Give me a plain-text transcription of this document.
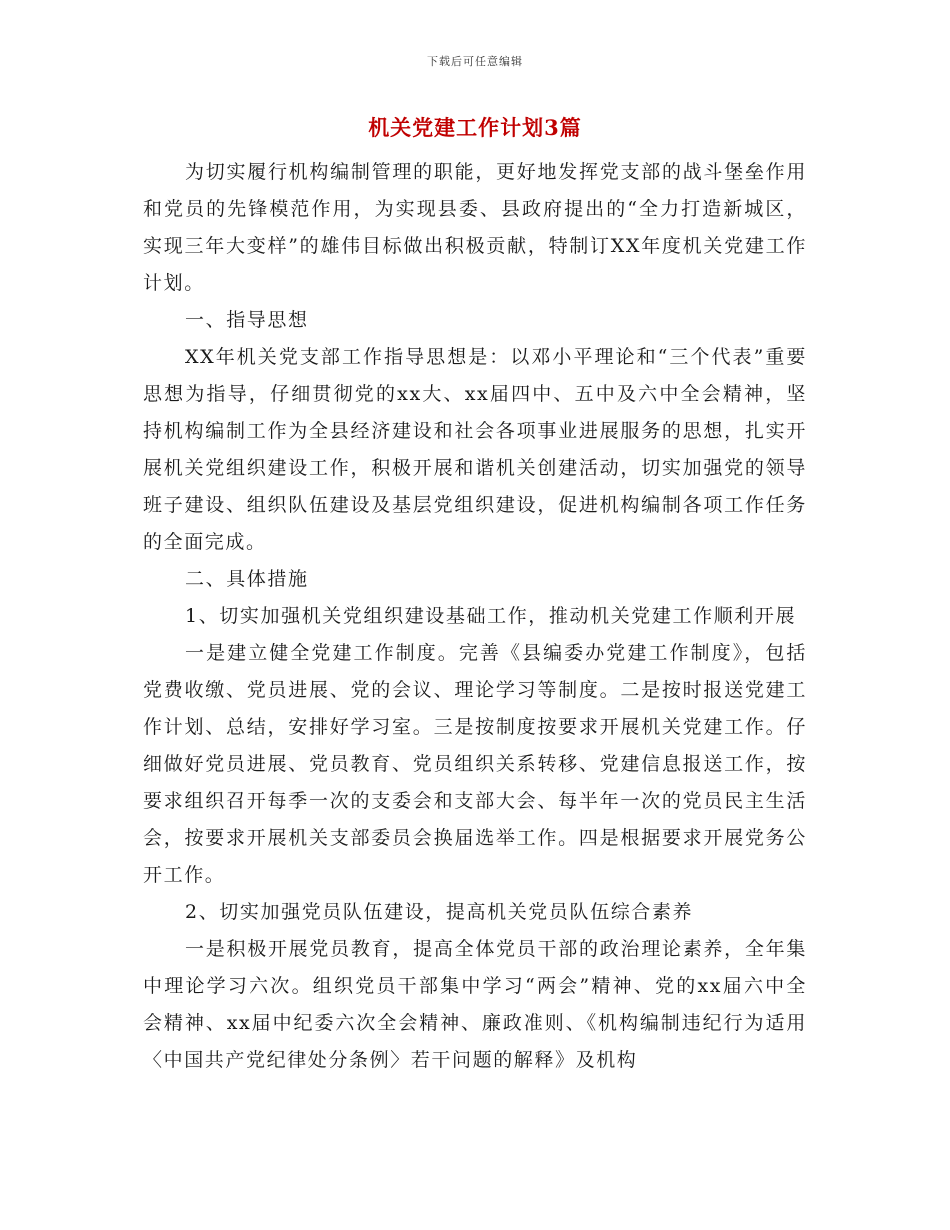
下载后可任意编辑
机关党建工作计划3篇

为切实履行机构编制管理的职能，更好地发挥党支部的战斗堡垒作用和党员的先锋模范作用，为实现县委、县政府提出的“全力打造新城区，实现三年大变样”的雄伟目标做出积极贡献，特制订XX年度机关党建工作计划。

一、指导思想

XX年机关党支部工作指导思想是：以邓小平理论和“三个代表”重要思想为指导，仔细贯彻党的xx大、xx届四中、五中及六中全会精神，坚持机构编制工作为全县经济建设和社会各项事业进展服务的思想，扎实开展机关党组织建设工作，积极开展和谐机关创建活动，切实加强党的领导班子建设、组织队伍建设及基层党组织建设，促进机构编制各项工作任务的全面完成。

二、具体措施

1、切实加强机关党组织建设基础工作，推动机关党建工作顺利开展

一是建立健全党建工作制度。完善《县编委办党建工作制度》，包括党费收缴、党员进展、党的会议、理论学习等制度。二是按时报送党建工作计划、总结，安排好学习室。三是按制度按要求开展机关党建工作。仔细做好党员进展、党员教育、党员组织关系转移、党建信息报送工作，按要求组织召开每季一次的支委会和支部大会、每半年一次的党员民主生活会，按要求开展机关支部委员会换届选举工作。四是根据要求开展党务公开工作。

2、切实加强党员队伍建设，提高机关党员队伍综合素养

一是积极开展党员教育，提高全体党员干部的政治理论素养，全年集中理论学习六次。组织党员干部集中学习“两会”精神、党的xx届六中全会精神、xx届中纪委六次全会精神、廉政准则、《机构编制违纪行为适用〈中国共产党纪律处分条例〉若干问题的解释》及机构
